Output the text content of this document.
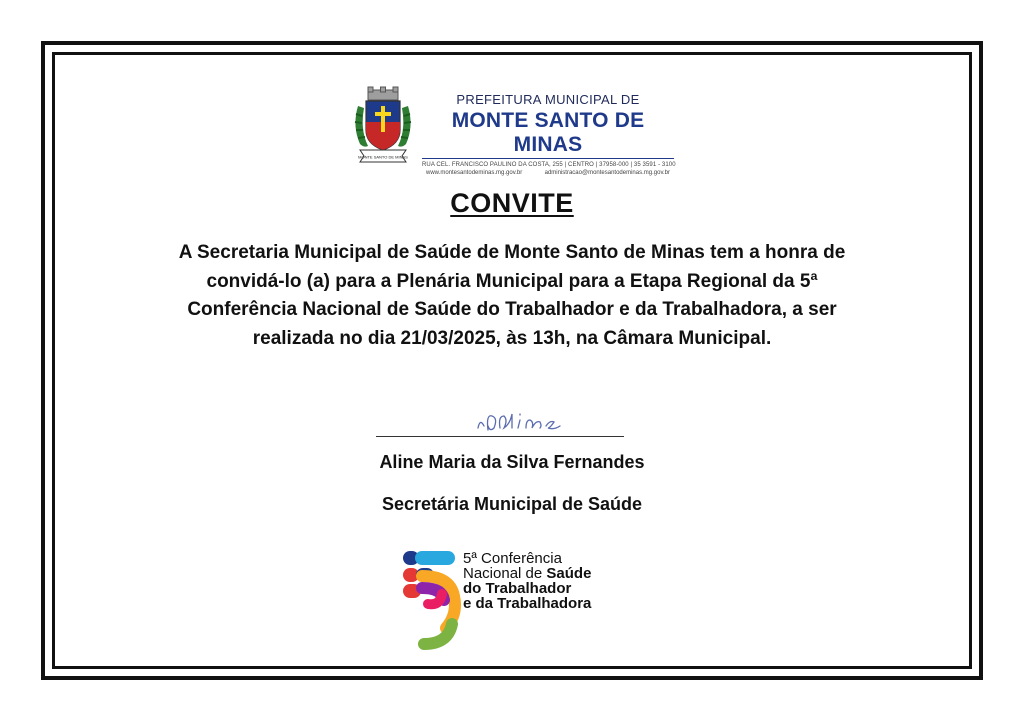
MONTE SANTO DE MINAS
PREFEITURA MUNICIPAL DE
MONTE SANTO DE MINAS
RUA CEL. FRANCISCO PAULINO DA COSTA, 255 | CENTRO | 37958-000 | 35 3591 - 3100
www.montesantodeminas.mg.gov.br	administracao@montesantodeminas.mg.gov.br
CONVITE
A Secretaria Municipal de Saúde de Monte Santo de Minas tem a honra de
convidá-lo (a) para a Plenária Municipal para a Etapa Regional da 5ª
Conferência Nacional de Saúde do Trabalhador e da Trabalhadora, a ser
realizada no dia 21/03/2025, às 13h, na Câmara Municipal.
Aline Maria da Silva Fernandes
Secretária Municipal de Saúde
5ª Conferência
Nacional de Saúde
do Trabalhador
e da Trabalhadora
